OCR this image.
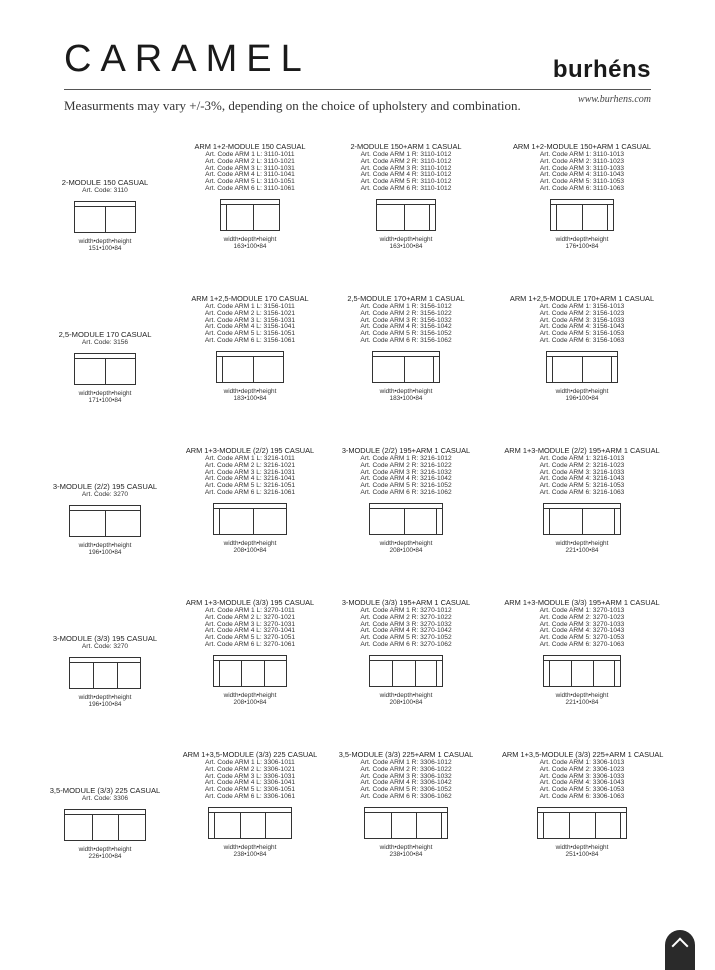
CARAMEL	burhéns
Measurments may vary +/-3%, depending on the choice of upholstery and combination.	www.burhens.com
2-MODULE 150 CASUAL
Art. Code: 3110
width•depth•height
151•100•84
ARM 1+2-MODULE 150 CASUAL
Art. Code ARM 1 L: 3110-1011
Art. Code ARM 2 L: 3110-1021
Art. Code ARM 3 L: 3110-1031
Art. Code ARM 4 L: 3110-1041
Art. Code ARM 5 L: 3110-1051
Art. Code ARM 6 L: 3110-1061
width•depth•height
163•100•84
2-MODULE 150+ARM 1 CASUAL
Art. Code ARM 1 R: 3110-1012
Art. Code ARM 2 R: 3110-1012
Art. Code ARM 3 R: 3110-1012
Art. Code ARM 4 R: 3110-1012
Art. Code ARM 5 R: 3110-1012
Art. Code ARM 6 R: 3110-1012
width•depth•height
163•100•84
ARM 1+2-MODULE 150+ARM 1 CASUAL
Art. Code ARM 1: 3110-1013
Art. Code ARM 2: 3110-1023
Art. Code ARM 3: 3110-1033
Art. Code ARM 4: 3110-1043
Art. Code ARM 5: 3110-1053
Art. Code ARM 6: 3110-1063
width•depth•height
176•100•84
2,5-MODULE 170 CASUAL
Art. Code: 3156
width•depth•height
171•100•84
ARM 1+2,5-MODULE 170 CASUAL
Art. Code ARM 1 L: 3156-1011
Art. Code ARM 2 L: 3156-1021
Art. Code ARM 3 L: 3156-1031
Art. Code ARM 4 L: 3156-1041
Art. Code ARM 5 L: 3156-1051
Art. Code ARM 6 L: 3156-1061
width•depth•height
183•100•84
2,5-MODULE 170+ARM 1 CASUAL
Art. Code ARM 1 R: 3156-1012
Art. Code ARM 2 R: 3156-1022
Art. Code ARM 3 R: 3156-1032
Art. Code ARM 4 R: 3156-1042
Art. Code ARM 5 R: 3156-1052
Art. Code ARM 6 R: 3156-1062
width•depth•height
183•100•84
ARM 1+2,5-MODULE 170+ARM 1 CASUAL
Art. Code ARM 1: 3156-1013
Art. Code ARM 2: 3156-1023
Art. Code ARM 3: 3156-1033
Art. Code ARM 4: 3156-1043
Art. Code ARM 5: 3156-1053
Art. Code ARM 6: 3156-1063
width•depth•height
196•100•84
3-MODULE (2/2) 195 CASUAL
Art. Code: 3270
width•depth•height
196•100•84
ARM 1+3-MODULE (2/2) 195 CASUAL
Art. Code ARM 1 L: 3216-1011
Art. Code ARM 2 L: 3216-1021
Art. Code ARM 3 L: 3216-1031
Art. Code ARM 4 L: 3216-1041
Art. Code ARM 5 L: 3216-1051
Art. Code ARM 6 L: 3216-1061
width•depth•height
208•100•84
3-MODULE (2/2) 195+ARM 1 CASUAL
Art. Code ARM 1 R: 3216-1012
Art. Code ARM 2 R: 3216-1022
Art. Code ARM 3 R: 3216-1032
Art. Code ARM 4 R: 3216-1042
Art. Code ARM 5 R: 3216-1052
Art. Code ARM 6 R: 3216-1062
width•depth•height
208•100•84
ARM 1+3-MODULE (2/2) 195+ARM 1 CASUAL
Art. Code ARM 1: 3216-1013
Art. Code ARM 2: 3216-1023
Art. Code ARM 3: 3216-1033
Art. Code ARM 4: 3216-1043
Art. Code ARM 5: 3216-1053
Art. Code ARM 6: 3216-1063
width•depth•height
221•100•84
3-MODULE (3/3) 195 CASUAL
Art. Code: 3270
width•depth•height
196•100•84
ARM 1+3-MODULE (3/3) 195 CASUAL
Art. Code ARM 1 L: 3270-1011
Art. Code ARM 2 L: 3270-1021
Art. Code ARM 3 L: 3270-1031
Art. Code ARM 4 L: 3270-1041
Art. Code ARM 5 L: 3270-1051
Art. Code ARM 6 L: 3270-1061
width•depth•height
208•100•84
3-MODULE (3/3) 195+ARM 1 CASUAL
Art. Code ARM 1 R: 3270-1012
Art. Code ARM 2 R: 3270-1022
Art. Code ARM 3 R: 3270-1032
Art. Code ARM 4 R: 3270-1042
Art. Code ARM 5 R: 3270-1052
Art. Code ARM 6 R: 3270-1062
width•depth•height
208•100•84
ARM 1+3-MODULE (3/3) 195+ARM 1 CASUAL
Art. Code ARM 1: 3270-1013
Art. Code ARM 2: 3270-1023
Art. Code ARM 3: 3270-1033
Art. Code ARM 4: 3270-1043
Art. Code ARM 5: 3270-1053
Art. Code ARM 6: 3270-1063
width•depth•height
221•100•84
3,5-MODULE (3/3) 225 CASUAL
Art. Code: 3306
width•depth•height
226•100•84
ARM 1+3,5-MODULE (3/3) 225 CASUAL
Art. Code ARM 1 L: 3306-1011
Art. Code ARM 2 L: 3306-1021
Art. Code ARM 3 L: 3306-1031
Art. Code ARM 4 L: 3306-1041
Art. Code ARM 5 L: 3306-1051
Art. Code ARM 6 L: 3306-1061
width•depth•height
238•100•84
3,5-MODULE (3/3) 225+ARM 1 CASUAL
Art. Code ARM 1 R: 3306-1012
Art. Code ARM 2 R: 3306-1022
Art. Code ARM 3 R: 3306-1032
Art. Code ARM 4 R: 3306-1042
Art. Code ARM 5 R: 3306-1052
Art. Code ARM 6 R: 3306-1062
width•depth•height
238•100•84
ARM 1+3,5-MODULE (3/3) 225+ARM 1 CASUAL
Art. Code ARM 1: 3306-1013
Art. Code ARM 2: 3306-1023
Art. Code ARM 3: 3306-1033
Art. Code ARM 4: 3306-1043
Art. Code ARM 5: 3306-1053
Art. Code ARM 6: 3306-1063
width•depth•height
251•100•84
